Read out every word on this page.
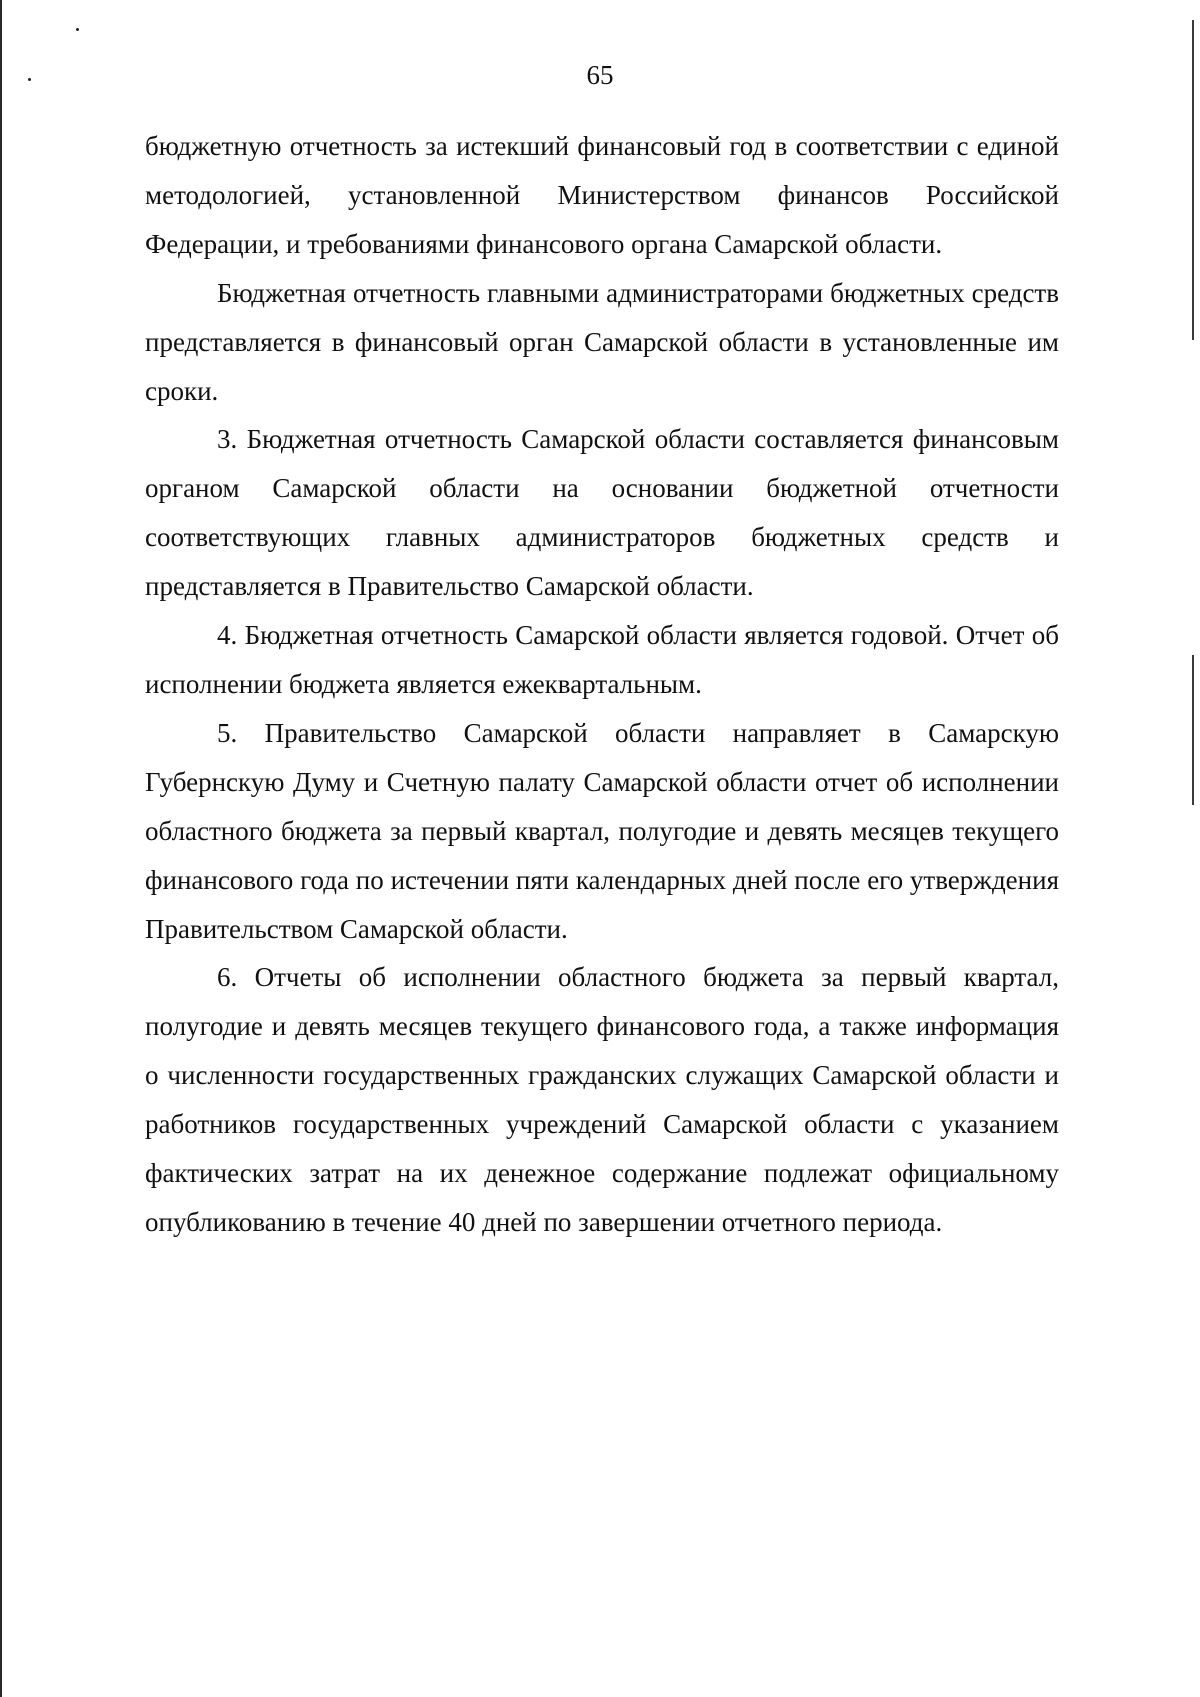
65

бюджетную отчетность за истекший финансовый год в соответствии с единой методологией, установленной Министерством финансов Российской Федерации, и требованиями финансового органа Самарской области.

Бюджетная отчетность главными администраторами бюджетных средств представляется в финансовый орган Самарской области в установленные им сроки.

3. Бюджетная отчетность Самарской области составляется финансовым органом Самарской области на основании бюджетной отчетности соответствующих главных администраторов бюджетных средств и представляется в Правительство Самарской области.

4. Бюджетная отчетность Самарской области является годовой. Отчет об исполнении бюджета является ежеквартальным.

5. Правительство Самарской области направляет в Самарскую Губернскую Думу и Счетную палату Самарской области отчет об исполнении областного бюджета за первый квартал, полугодие и девять месяцев текущего финансового года по истечении пяти календарных дней после его утверждения Правительством Самарской области.

6. Отчеты об исполнении областного бюджета за первый квартал, полугодие и девять месяцев текущего финансового года, а также информация о численности государственных гражданских служащих Самарской области и работников государственных учреждений Самарской области с указанием фактических затрат на их денежное содержание подлежат официальному опубликованию в течение 40 дней по завершении отчетного периода.
